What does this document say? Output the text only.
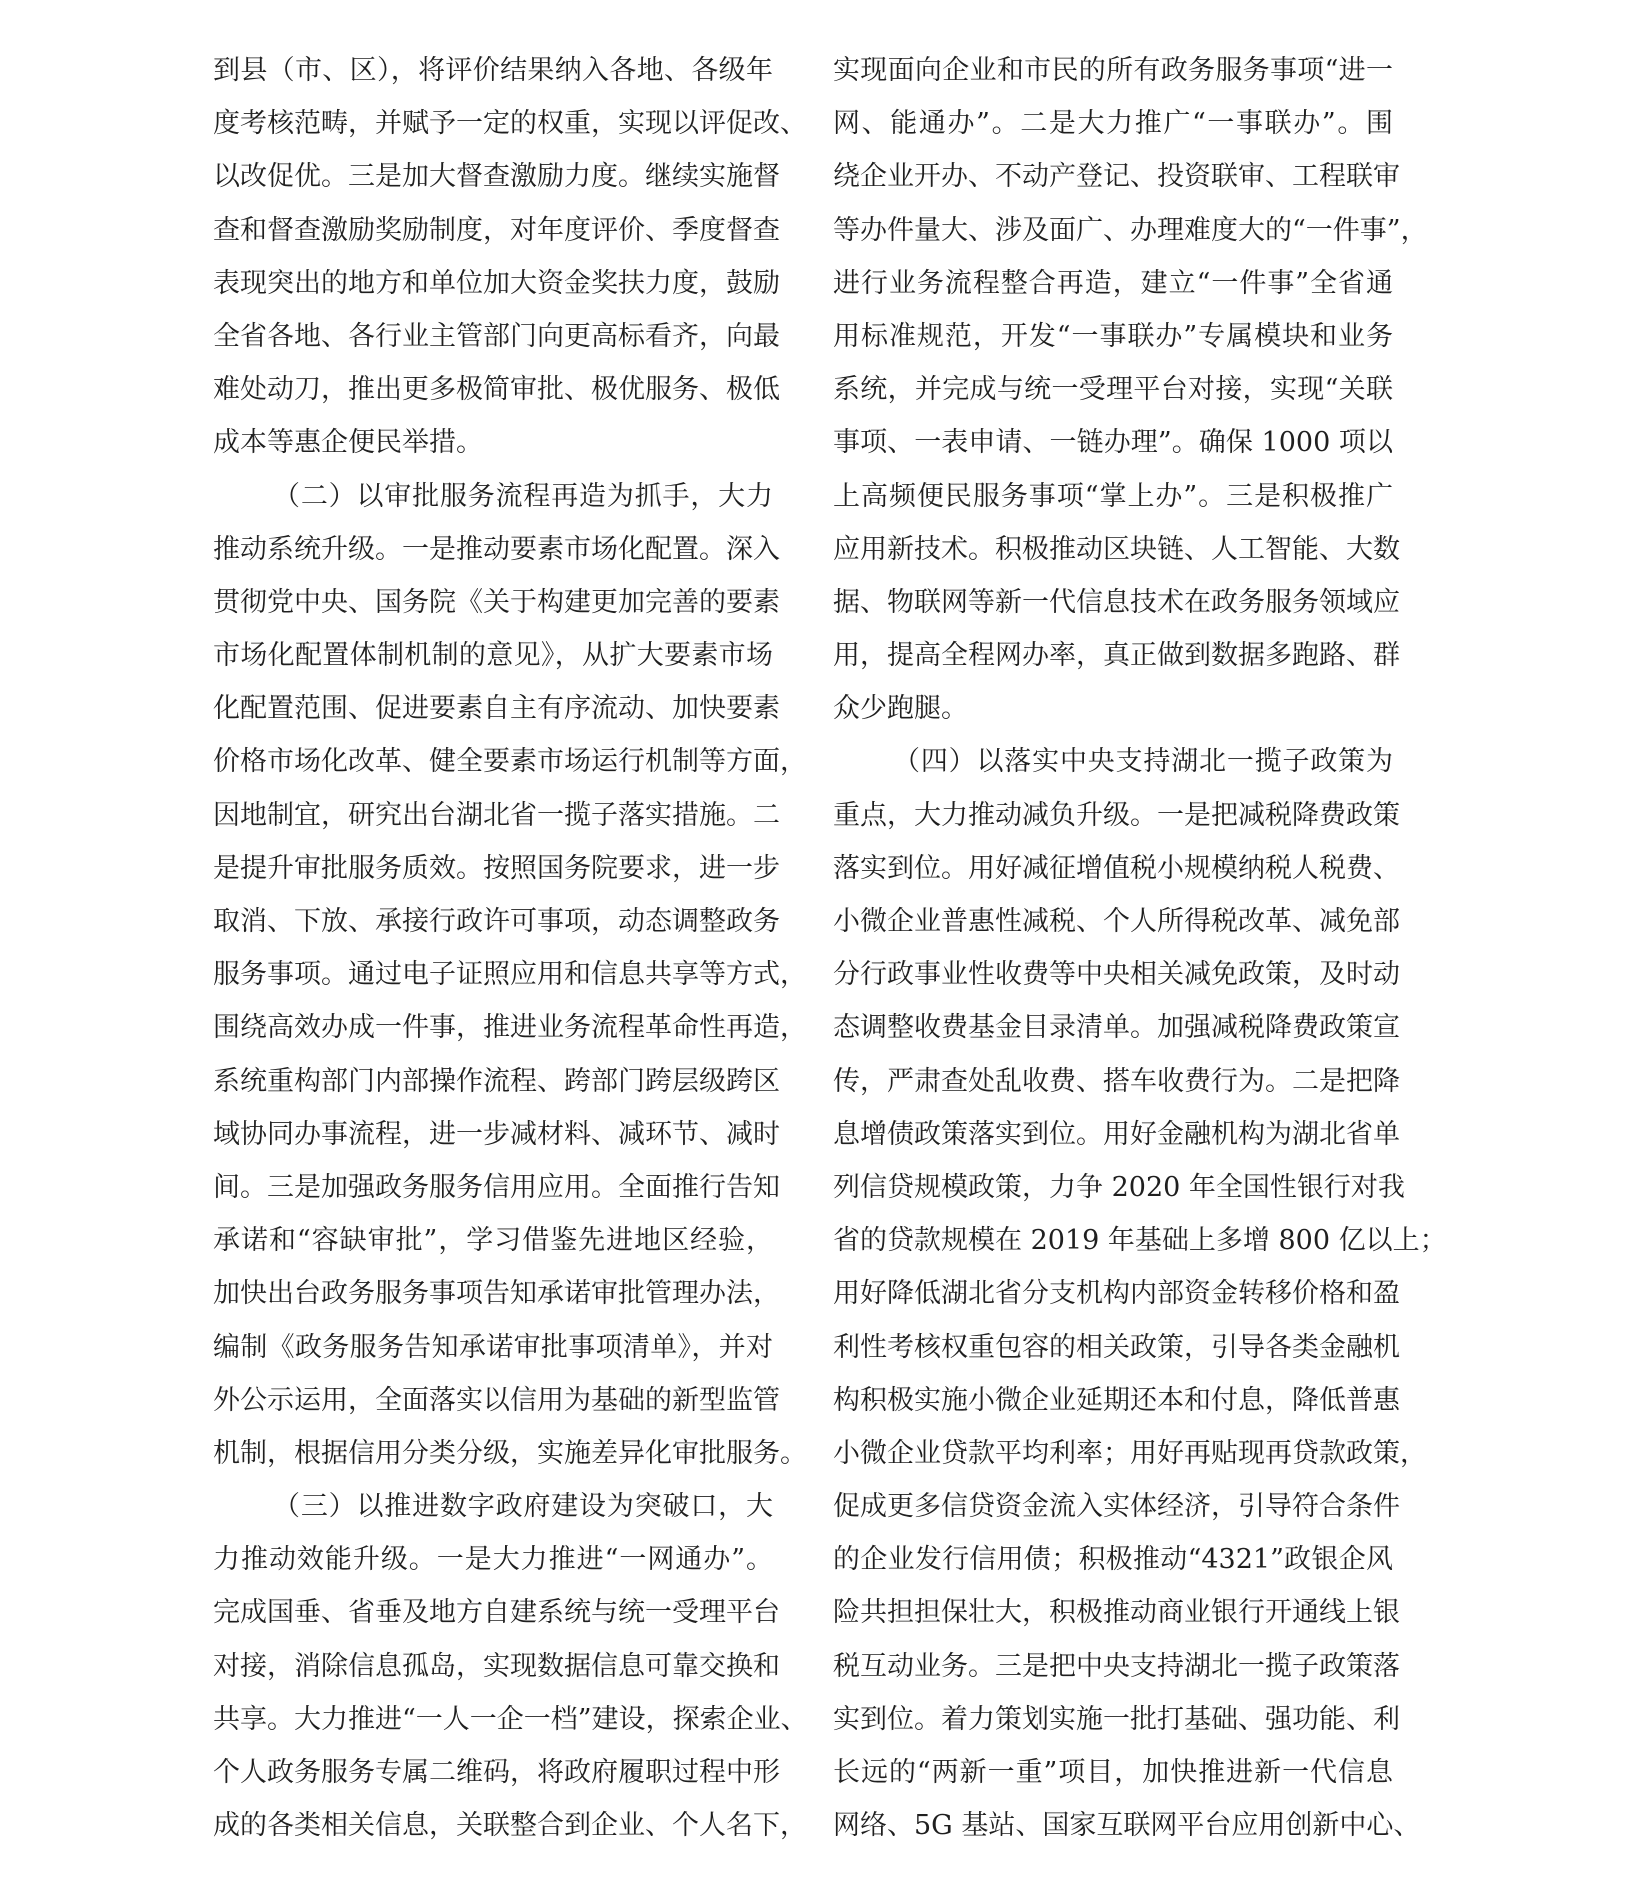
到县（市、区），将评价结果纳入各地、各级年
度考核范畴，并赋予一定的权重，实现以评促改、
以改促优。三是加大督查激励力度。继续实施督
查和督查激励奖励制度，对年度评价、季度督查
表现突出的地方和单位加大资金奖扶力度，鼓励
全省各地、各行业主管部门向更高标看齐，向最
难处动刀，推出更多极简审批、极优服务、极低
成本等惠企便民举措。
（二）以审批服务流程再造为抓手，大力
推动系统升级。一是推动要素市场化配置。深入
贯彻党中央、国务院《关于构建更加完善的要素
市场化配置体制机制的意见》，从扩大要素市场
化配置范围、促进要素自主有序流动、加快要素
价格市场化改革、健全要素市场运行机制等方面，
因地制宜，研究出台湖北省一揽子落实措施。二
是提升审批服务质效。按照国务院要求，进一步
取消、下放、承接行政许可事项，动态调整政务
服务事项。通过电子证照应用和信息共享等方式，
围绕高效办成一件事，推进业务流程革命性再造，
系统重构部门内部操作流程、跨部门跨层级跨区
域协同办事流程，进一步减材料、减环节、减时
间。三是加强政务服务信用应用。全面推行告知
承诺和“容缺审批”，学习借鉴先进地区经验，
加快出台政务服务事项告知承诺审批管理办法，
编制《政务服务告知承诺审批事项清单》，并对
外公示运用，全面落实以信用为基础的新型监管
机制，根据信用分类分级，实施差异化审批服务。
（三）以推进数字政府建设为突破口，大
力推动效能升级。一是大力推进“一网通办”。
完成国垂、省垂及地方自建系统与统一受理平台
对接，消除信息孤岛，实现数据信息可靠交换和
共享。大力推进“一人一企一档”建设，探索企业、
个人政务服务专属二维码，将政府履职过程中形
成的各类相关信息，关联整合到企业、个人名下，
实现面向企业和市民的所有政务服务事项“进一
网、能通办”。二是大力推广“一事联办”。围
绕企业开办、不动产登记、投资联审、工程联审
等办件量大、涉及面广、办理难度大的“一件事”，
进行业务流程整合再造，建立“一件事”全省通
用标准规范，开发“一事联办”专属模块和业务
系统，并完成与统一受理平台对接，实现“关联
事项、一表申请、一链办理”。确保 1000 项以
上高频便民服务事项“掌上办”。三是积极推广
应用新技术。积极推动区块链、人工智能、大数
据、物联网等新一代信息技术在政务服务领域应
用，提高全程网办率，真正做到数据多跑路、群
众少跑腿。
（四）以落实中央支持湖北一揽子政策为
重点，大力推动减负升级。一是把减税降费政策
落实到位。用好减征增值税小规模纳税人税费、
小微企业普惠性减税、个人所得税改革、减免部
分行政事业性收费等中央相关减免政策，及时动
态调整收费基金目录清单。加强减税降费政策宣
传，严肃查处乱收费、搭车收费行为。二是把降
息增债政策落实到位。用好金融机构为湖北省单
列信贷规模政策，力争 2020 年全国性银行对我
省的贷款规模在 2019 年基础上多增 800 亿以上；
用好降低湖北省分支机构内部资金转移价格和盈
利性考核权重包容的相关政策，引导各类金融机
构积极实施小微企业延期还本和付息，降低普惠
小微企业贷款平均利率；用好再贴现再贷款政策，
促成更多信贷资金流入实体经济，引导符合条件
的企业发行信用债；积极推动“4321”政银企风
险共担担保壮大，积极推动商业银行开通线上银
税互动业务。三是把中央支持湖北一揽子政策落
实到位。着力策划实施一批打基础、强功能、利
长远的“两新一重”项目，加快推进新一代信息
网络、5G 基站、国家互联网平台应用创新中心、
